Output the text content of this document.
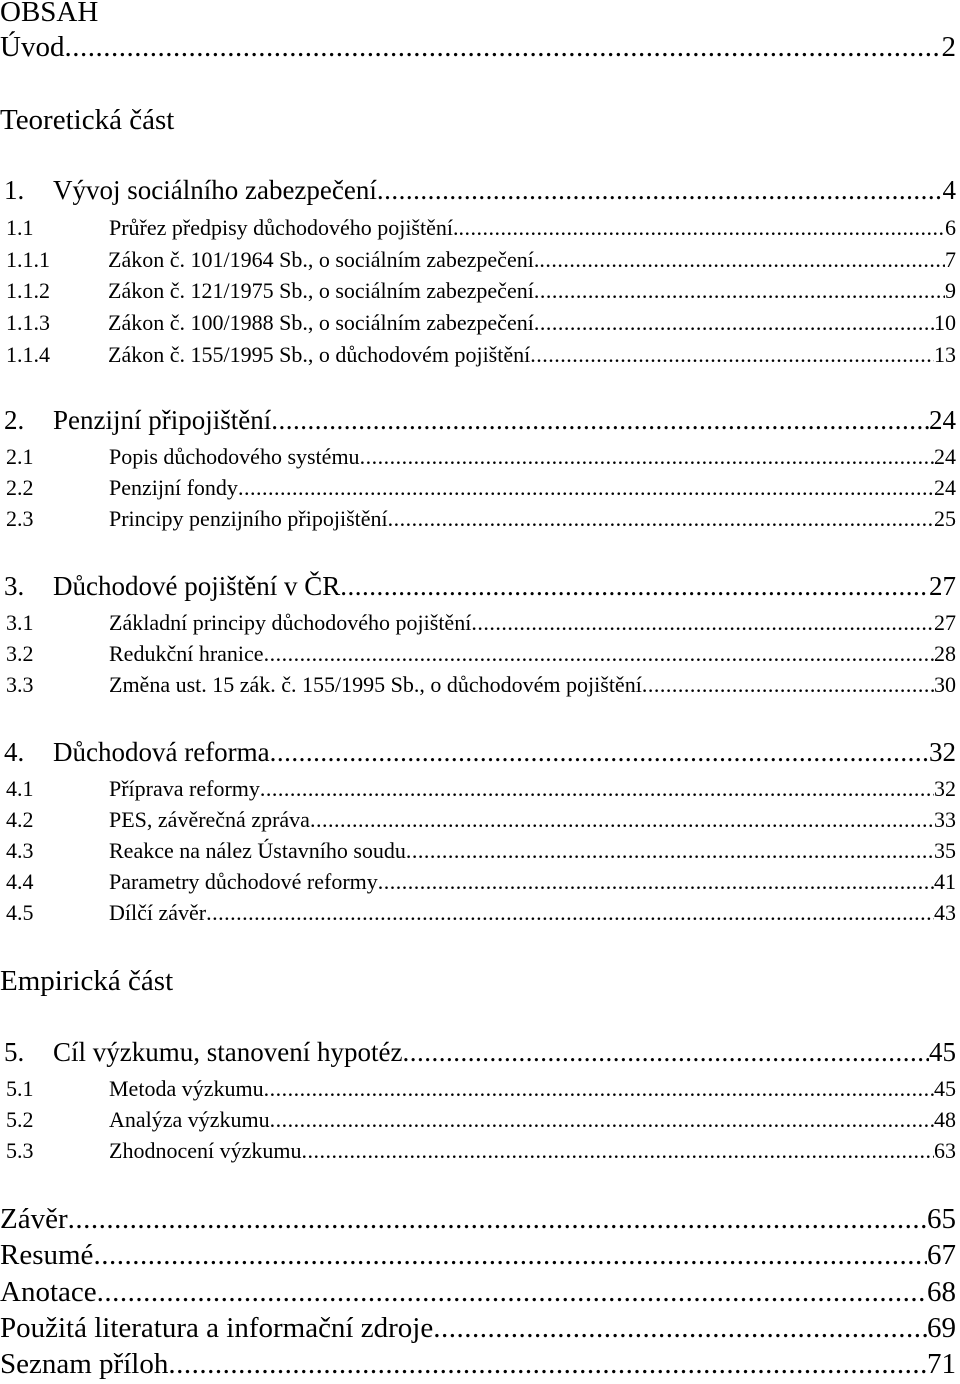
OBSAH
Úvod .....	2
Teoretická část
1.	Vývoj sociálního zabezpečení .....	4
1.1	Průřez předpisy důchodového pojištění. .....	6
1.1.1	Zákon č. 101/1964 Sb., o sociálním zabezpečení. .....	7
1.1.2	Zákon č. 121/1975 Sb., o sociálním zabezpečení .....	9
1.1.3	Zákon č. 100/1988 Sb., o sociálním zabezpečení .....	10
1.1.4	Zákon č. 155/1995 Sb., o důchodovém pojištění .....	13
2.	Penzijní připojištění .....	24
2.1	Popis důchodového systému .....	24
2.2	Penzijní fondy .....	24
2.3	Principy penzijního připojištění .....	25
3.	Důchodové pojištění v ČR .....	27
3.1	Základní principy důchodového pojištění .....	27
3.2	Redukční hranice .....	28
3.3	Změna ust. 15 zák. č. 155/1995 Sb., o důchodovém pojištění .....	30
4.	Důchodová reforma .....	32
4.1	Příprava reformy .....	32
4.2	PES, závěrečná zpráva .....	33
4.3	Reakce na nález Ústavního soudu .....	35
4.4	Parametry důchodové reformy .....	41
4.5	Dílčí závěr .....	43
Empirická část
5.	Cíl výzkumu, stanovení hypotéz .....	45
5.1	Metoda výzkumu .....	45
5.2	Analýza výzkumu .....	48
5.3	Zhodnocení výzkumu .....	63
Závěr .....	65
Resumé .....	67
Anotace .....	68
Použitá literatura a informační zdroje .....	69
Seznam příloh .....	71
